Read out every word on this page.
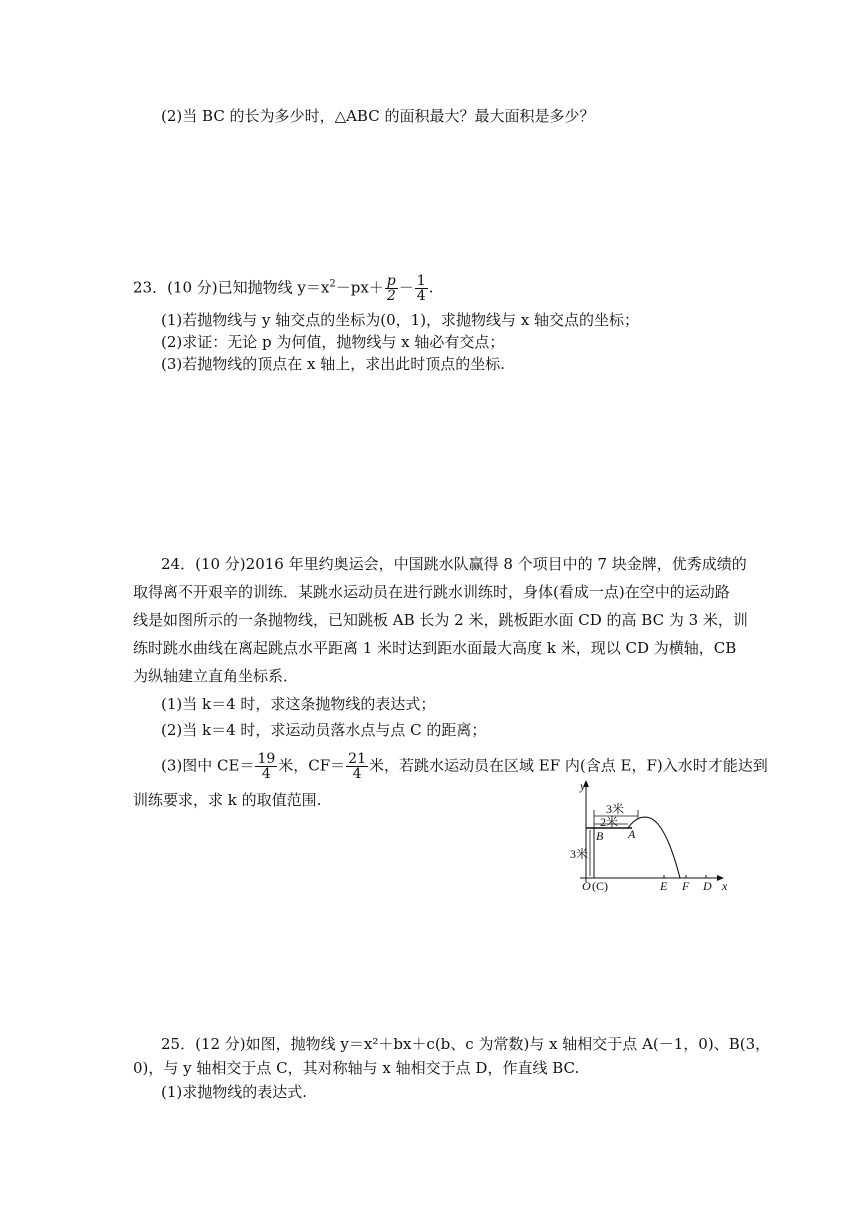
(2)当 BC 的长为多少时，△ABC 的面积最大？最大面积是多少？
23．(10 分)已知抛物线 $y=x^2-px+ \frac{p}{2} - \frac{1}{4}$ .
(1)若抛物线与 y 轴交点的坐标为(0，1)，求抛物线与 x 轴交点的坐标；
(2)求证：无论 p 为何值，抛物线与 x 轴必有交点；
(3)若抛物线的顶点在 x 轴上，求出此时顶点的坐标.
24．(10 分)2016 年里约奥运会，中国跳水队赢得 8 个项目中的 7 块金牌，优秀成绩的
取得离不开艰辛的训练．某跳水运动员在进行跳水训练时，身体(看成一点)在空中的运动路
线是如图所示的一条抛物线，已知跳板 AB 长为 2 米，跳板距水面 CD 的高 BC 为 3 米，训
练时跳水曲线在离起跳点水平距离 1 米时达到距水面最大高度 k 米，现以 CD 为横轴，CB
为纵轴建立直角坐标系．
(1)当 k＝4 时，求这条抛物线的表达式；
(2)当 k＝4 时，求运动员落水点与点 C 的距离；
(3)图中 $CE= \frac{19}{4}$ 米，$CF= \frac{21}{4}$ 米，若跳水运动员在区域 EF 内(含点 E，F)入水时才能达到
训练要求，求 k 的取值范围.
y
x
3米
2米
3米
B A
O (C)	E F D
25．(12 分)如图，抛物线 y＝x²＋bx＋c(b、c 为常数)与 x 轴相交于点 A(－1，0)、B(3，
0)，与 y 轴相交于点 C，其对称轴与 x 轴相交于点 D，作直线 BC.
(1)求抛物线的表达式.
